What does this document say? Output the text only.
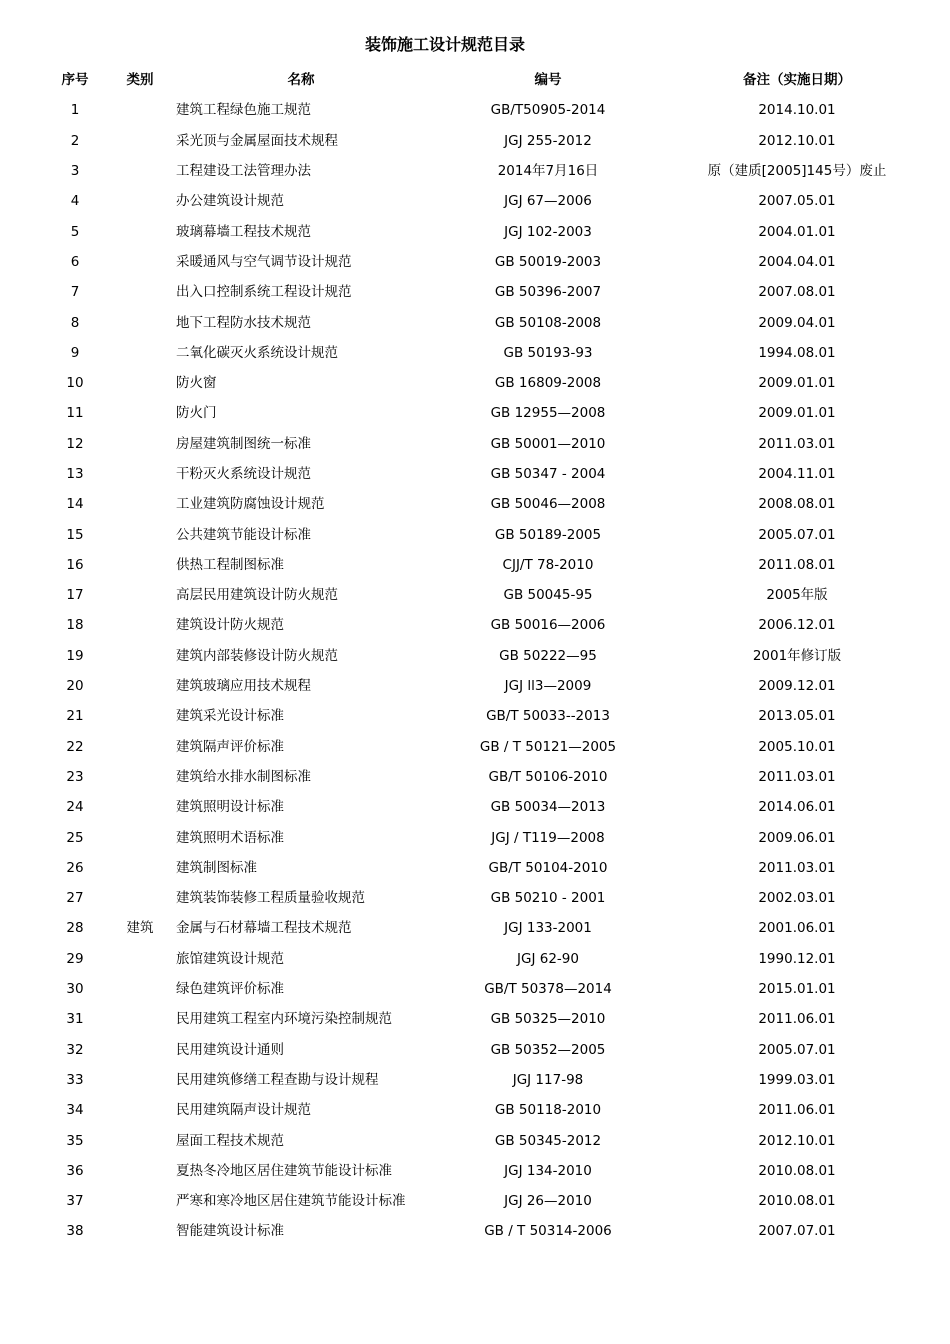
装饰施工设计规范目录
序号	类别	名称	编号	备注（实施日期）
1		建筑工程绿色施工规范	GB/T50905-2014	2014.10.01
2		采光顶与金属屋面技术规程	JGJ 255-2012	2012.10.01
3		工程建设工法管理办法	2014年7月16日	原（建质[2005]145号）废止
4		办公建筑设计规范	JGJ 67—2006	2007.05.01
5		玻璃幕墙工程技术规范	JGJ 102-2003	2004.01.01
6		采暖通风与空气调节设计规范	GB 50019-2003	2004.04.01
7		出入口控制系统工程设计规范	GB 50396-2007	2007.08.01
8		地下工程防水技术规范	GB 50108-2008	2009.04.01
9		二氧化碳灭火系统设计规范	GB 50193-93	1994.08.01
10		防火窗	GB 16809-2008	2009.01.01
11		防火门	GB 12955—2008	2009.01.01
12		房屋建筑制图统一标准	GB 50001—2010	2011.03.01
13		干粉灭火系统设计规范	GB 50347 - 2004	2004.11.01
14		工业建筑防腐蚀设计规范	GB 50046—2008	2008.08.01
15		公共建筑节能设计标准	GB 50189-2005	2005.07.01
16		供热工程制图标准	CJJ/T 78-2010	2011.08.01
17		高层民用建筑设计防火规范	GB 50045-95	2005年版
18		建筑设计防火规范	GB 50016—2006	2006.12.01
19		建筑内部装修设计防火规范	GB 50222—95	2001年修订版
20		建筑玻璃应用技术规程	JGJ ll3—2009	2009.12.01
21		建筑采光设计标准	GB/T 50033--2013	2013.05.01
22		建筑隔声评价标准	GB / T 50121—2005	2005.10.01
23		建筑给水排水制图标准	GB/T 50106-2010	2011.03.01
24		建筑照明设计标准	GB 50034—2013	2014.06.01
25		建筑照明术语标准	JGJ / T119—2008	2009.06.01
26		建筑制图标准	GB/T 50104-2010	2011.03.01
27		建筑装饰装修工程质量验收规范	GB 50210 - 2001	2002.03.01
28	建筑	金属与石材幕墙工程技术规范	JGJ 133-2001	2001.06.01
29		旅馆建筑设计规范	JGJ 62-90	1990.12.01
30		绿色建筑评价标准	GB/T 50378—2014	2015.01.01
31		民用建筑工程室内环境污染控制规范	GB 50325—2010	2011.06.01
32		民用建筑设计通则	GB 50352—2005	2005.07.01
33		民用建筑修缮工程查勘与设计规程	JGJ 117-98	1999.03.01
34		民用建筑隔声设计规范	GB 50118-2010	2011.06.01
35		屋面工程技术规范	GB 50345-2012	2012.10.01
36		夏热冬冷地区居住建筑节能设计标准	JGJ 134-2010	2010.08.01
37		严寒和寒冷地区居住建筑节能设计标准	JGJ 26—2010	2010.08.01
38		智能建筑设计标准	GB / T 50314-2006	2007.07.01
